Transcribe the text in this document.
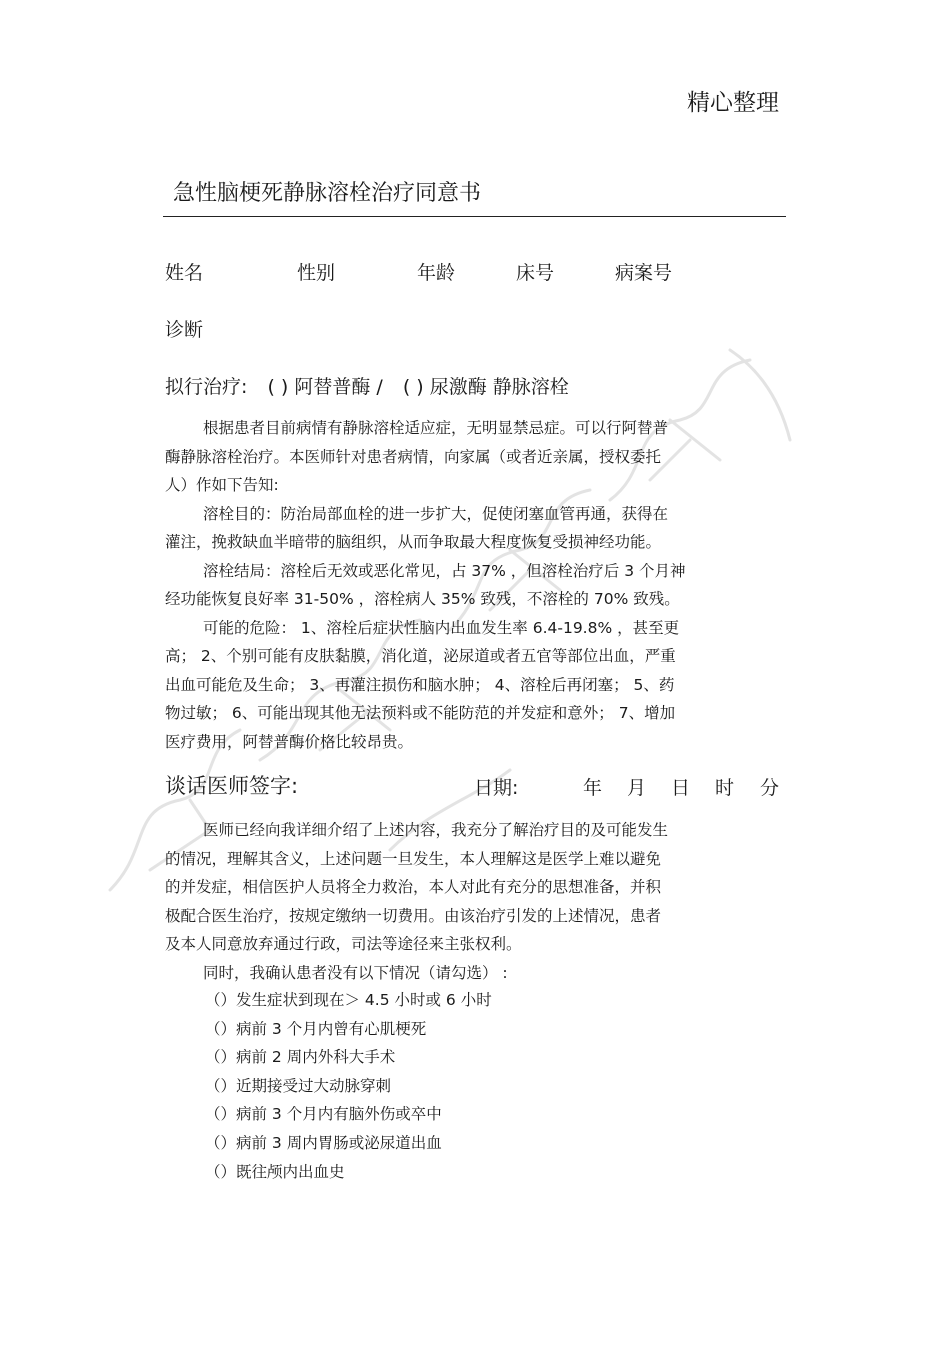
精心整理
急性脑梗死静脉溶栓治疗同意书
姓名	性别	年龄	床号	病案号
诊断
拟行治疗: ( ) 阿替普酶 / ( ) 尿激酶 静脉溶栓

根据患者目前病情有静脉溶栓适应症，无明显禁忌症。可以行阿替普

酶静脉溶栓治疗。本医师针对患者病情，向家属（或者近亲属，授权委托

人）作如下告知:

溶栓目的：防治局部血栓的进一步扩大，促使闭塞血管再通，获得在

灌注，挽救缺血半暗带的脑组织，从而争取最大程度恢复受损神经功能。

溶栓结局：溶栓后无效或恶化常见，占 37% ，但溶栓治疗后 3 个月神

经功能恢复良好率 31-50% ，溶栓病人 35% 致残，不溶栓的 70% 致残。

可能的危险： 1、溶栓后症状性脑内出血发生率 6.4-19.8% ，甚至更

高； 2、个别可能有皮肤黏膜，消化道，泌尿道或者五官等部位出血，严重

出血可能危及生命； 3、再灌注损伤和脑水肿； 4、溶栓后再闭塞； 5、药

物过敏； 6、可能出现其他无法预料或不能防范的并发症和意外； 7、增加

医疗费用，阿替普酶价格比较昂贵。

谈话医师签字:	日期:	年 月 日 时 分

医师已经向我详细介绍了上述内容，我充分了解治疗目的及可能发生

的情况，理解其含义，上述问题一旦发生，本人理解这是医学上难以避免

的并发症，相信医护人员将全力救治，本人对此有充分的思想准备，并积

极配合医生治疗，按规定缴纳一切费用。由该治疗引发的上述情况，患者

及本人同意放弃通过行政，司法等途径来主张权利。

同时，我确认患者没有以下情况（请勾选） :

（）发生症状到现在＞ 4.5 小时或 6 小时
（）病前 3 个月内曾有心肌梗死
（）病前 2 周内外科大手术
（）近期接受过大动脉穿刺
（）病前 3 个月内有脑外伤或卒中
（）病前 3 周内胃肠或泌尿道出血
（）既往颅内出血史
